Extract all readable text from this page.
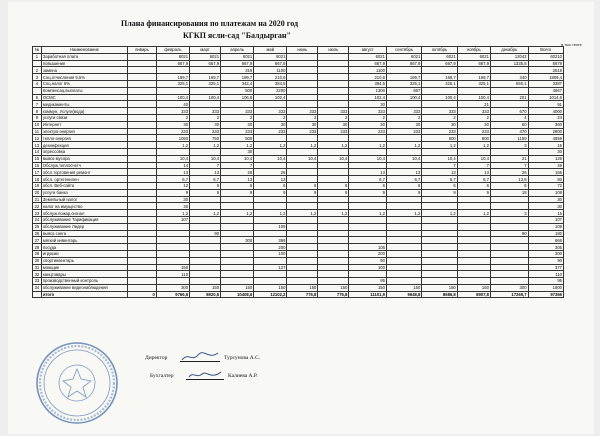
Плана финансирования по платежам на 2020 год
КГКП ясли-сад "Балдырган"
в тыс.тенге
№	Наименование	январь	февраль	март	апрель	май	июнь	июль	август	сентябрь	октябрь	ноябрь	декабрь	Всего
1	Заработная плата		6021	6021	6021	6021			6021	6021	6021	6021	12042	60210
	повышение		667,9	667,9	667,9	667,9			667,9	667,9	667,9	667,9	1335,8	6679
2	замена				319	1100			1100					2519
3	Соц.отчисления 9,5%		169,7	169,7	199,7	210,6			210,6	169,7	169,7	169,7	340	1809,4
4	Соц.налог 6%		325,1	325,1	342,4	384,5			384,5	325,1	325,1	325,1	650,1	3387
	Компенсац.выплаты				500	2200			1300	667				4667
6	ОСМС		100,4	100,4	106,8	102,4			102,4	100,4	100,4	100,4	201	1014,6
7	медикаменты		40						30			21		91
8	коммун. Услуги(вода)		333	333	333	333	333	333	333	333	333	333	670	4000
9	услуги связи		2	2	2	2	2	2	2	2	2	2	4	24
10	Интернет		30	30	30	30	30	30	30	30	30	30	60	360
11	электро-энергия		233	233	233	233	233	233	233	233	233	233	470	2800
12	тепло-энергия		1050	750	500						600	800	1159	4859
13	дезинфекция		1,2	1,2	1,2	1,2	1,2	1,2	1,2	1,2	1,2	1,2	3	15
14	опрессовка				30									30
15	вывоз мусора		10,4	10,4	10,4	10,4	10,4	10,4	10,4	10,4	10,4	10,4	21	125
16	Обслуж.теплосчетч		14	7	7						7	7	7	49
17	обсл.тортовения ремонт		13	13	26	26			13	13	13	13	26	156
18	обсл. ортегенилен		6,7	6,7	13	13			6,7	6,7	6,7	6,7	13,8	80
19	обсл. Веб-сайта		12	6	6	6	6	6	6	6	6	6	6	72
20	услуги банка		9	9	9	9	9	9	9	9	9	9	18	108
21	Земельный налог		30											30
22	налог на имущество		30											30
23	обслуж.пожар.сигнал		1,2	1,2	1,2	1,2	1,2	1,2	1,2	1,2	1,2	1,2	3	15
24	обслуживание Тарификация		107											107
25	обслуживание Лидер					109								109
26	вывоз снега			90									90	180
27	мягкий инвентарь				300	366								666
28	посуда					200			105					305
29	игрушки					100			200					300
30	спортинвентарь								90					90
31	моющие		150			127			100					377
32	канцтовары		110											110
33	производственный контроль								95					95
34	обслуживание видеонаблюдения		300	150	150	150	150	150	150	150	150	150	300	1800
	итого	0	9766,6	8920,6	10408,6	12102,2	776,8	776,8	11101,9	9648,8	8686,8	8907,8	17269,7	97366
Директор	Турсунова А.С.
Бухгалтер	Калиева А.Р.
